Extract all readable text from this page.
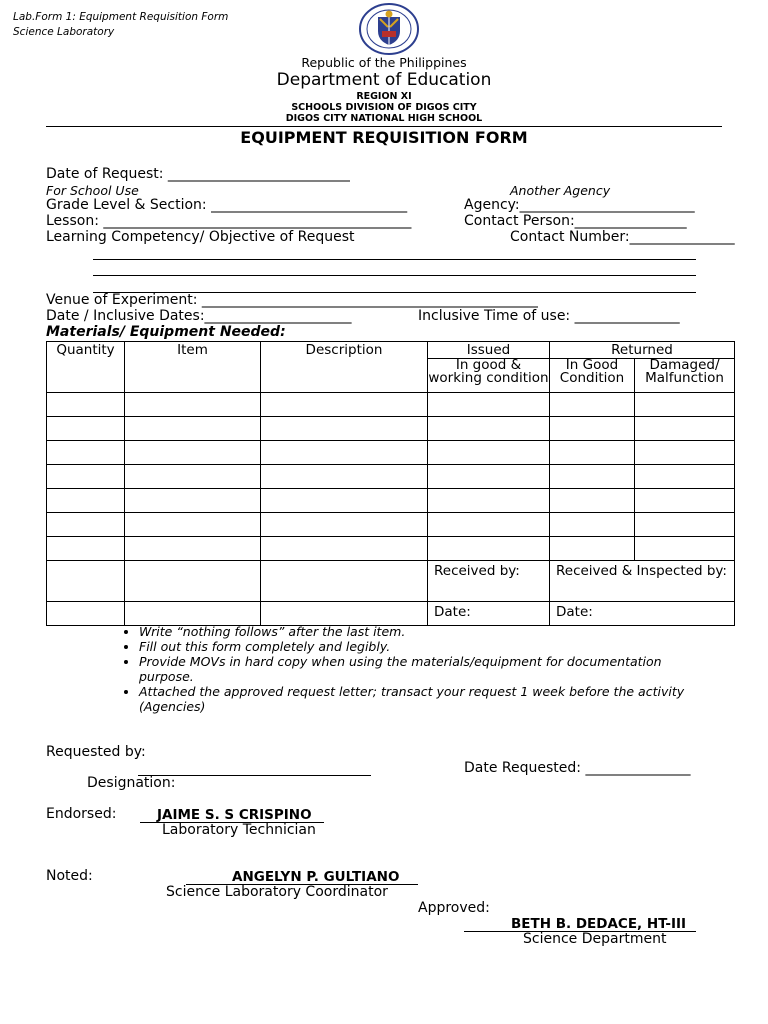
Lab.Form 1: Equipment Requisition Form
Science Laboratory
Republic of the Philippines
Department of Education
REGION XI
SCHOOLS DIVISION OF DIGOS CITY
DIGOS CITY NATIONAL HIGH SCHOOL
EQUIPMENT REQUISITION FORM
Date of Request: __________________________
For School Use	Another Agency
Grade Level & Section: ____________________________	Agency:_________________________
Lesson: ____________________________________________	Contact Person:________________
Learning Competency/ Objective of Request	Contact Number:_______________
Venue of Experiment: ________________________________________________
Date / Inclusive Dates:_____________________	Inclusive Time of use: _______________
Materials/ Equipment Needed:
Quantity	Item	Description	Issued	Returned	
			In good & working condition	In Good Condition	Damaged/ Malfunction

			Received by:	Received & Inspected by:	
			Date:	Date:	
• Write “nothing follows” after the last item.
• Fill out this form completely and legibly.
• Provide MOVs in hard copy when using the materials/equipment for documentation purpose.
• Attached the approved request letter; transact your request 1 week before the activity (Agencies)
Requested by:
Date Requested: _______________
Designation:
Endorsed:	JAIME S. S CRISPINO
Laboratory Technician
Noted:	ANGELYN P. GULTIANO
Science Laboratory Coordinator
Approved:
BETH B. DEDACE, HT-III
Science Department
